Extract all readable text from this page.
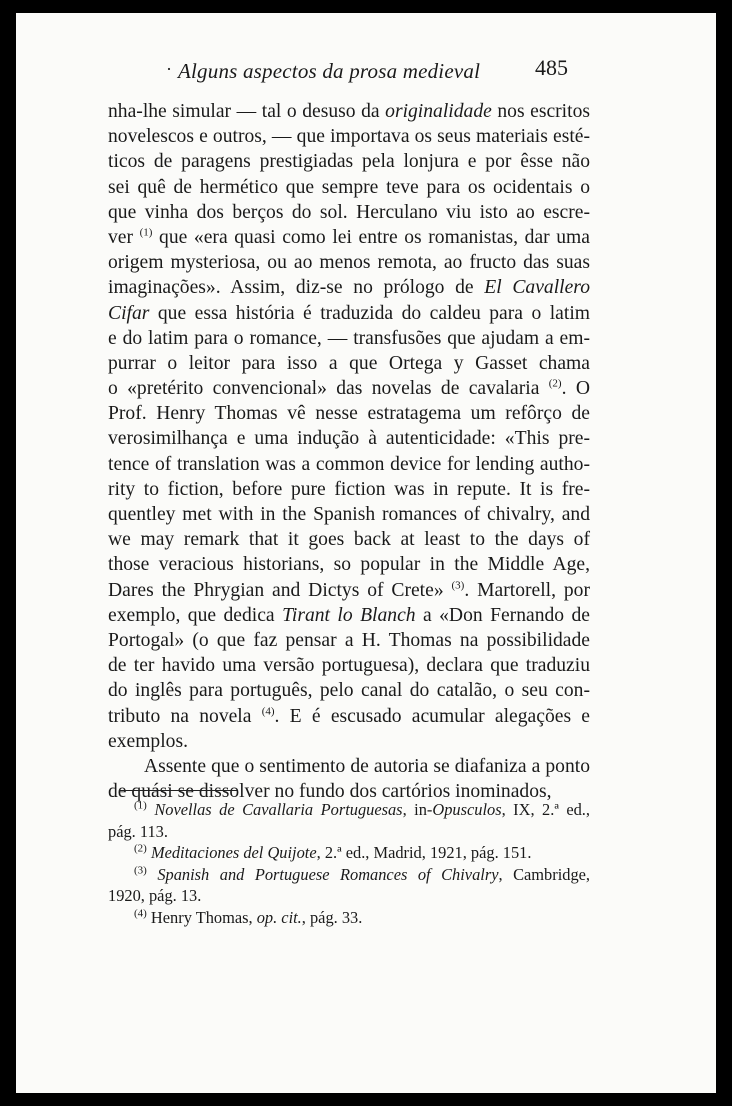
· Alguns aspectos da prosa medieval 485
nha-lhe simular — tal o desuso da originalidade nos escritos
novelescos e outros, — que importava os seus materiais esté-
ticos de paragens prestigiadas pela lonjura e por êsse não
sei quê de hermético que sempre teve para os ocidentais o
que vinha dos berços do sol. Herculano viu isto ao escre-
ver $^{(1)}$ que «era quasi como lei entre os romanistas, dar uma
origem mysteriosa, ou ao menos remota, ao fructo das suas
imaginações». Assim, diz-se no prólogo de El Cavallero
Cifar que essa história é traduzida do caldeu para o latim
e do latim para o romance, — transfusões que ajudam a em-
purrar o leitor para isso a que Ortega y Gasset chama
o «pretérito convencional» das novelas de cavalaria $^{(2)}$. O
Prof. Henry Thomas vê nesse estratagema um refôrço de
verosimilhança e uma indução à autenticidade: «This pre-
tence of translation was a common device for lending autho-
rity to fiction, before pure fiction was in repute. It is fre-
quentley met with in the Spanish romances of chivalry, and
we may remark that it goes back at least to the days of
those veracious historians, so popular in the Middle Age,
Dares the Phrygian and Dictys of Crete» $^{(3)}$. Martorell, por
exemplo, que dedica Tirant lo Blanch a «Don Fernando de
Portogal» (o que faz pensar a H. Thomas na possibilidade
de ter havido uma versão portuguesa), declara que traduziu
do inglês para português, pelo canal do catalão, o seu con-
tributo na novela $^{(4)}$. E é escusado acumular alegações e
exemplos.
Assente que o sentimento de autoria se diafaniza a ponto
de quási se dissolver no fundo dos cartórios inominados,
$^{(1)}$ Novellas de Cavallaria Portuguesas, in-Opusculos, IX, 2.ª ed.,
pág. 113.
$^{(2)}$ Meditaciones del Quijote, 2.ª ed., Madrid, 1921, pág. 151.
$^{(3)}$ Spanish and Portuguese Romances of Chivalry, Cambridge,
1920, pág. 13.
$^{(4)}$ Henry Thomas, op. cit., pág. 33.
